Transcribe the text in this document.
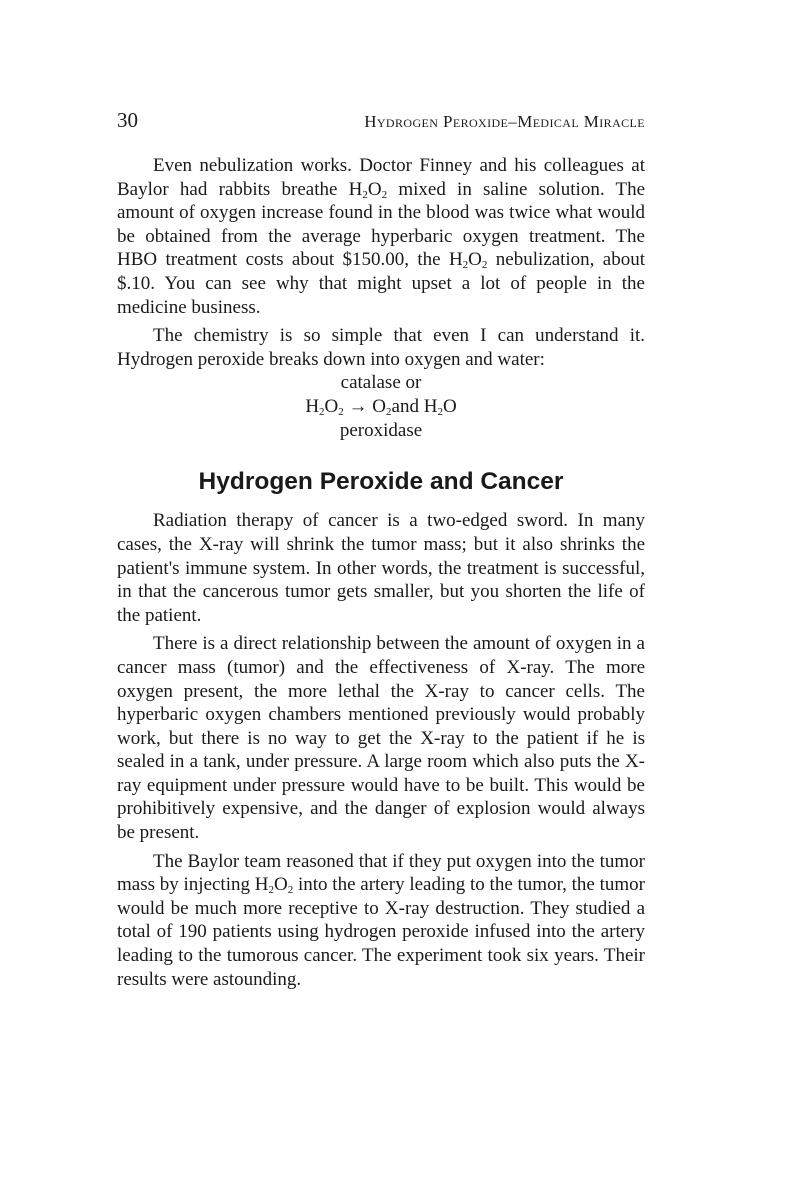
30	Hydrogen Peroxide–Medical Miracle

Even nebulization works. Doctor Finney and his colleagues at Baylor had rabbits breathe $H_2O_2$ mixed in saline solution. The amount of oxygen increase found in the blood was twice what would be obtained from the average hyperbaric oxygen treatment. The HBO treatment costs about $150.00, the $H_2O_2$ nebulization, about $.10. You can see why that might upset a lot of people in the medicine business.

The chemistry is so simple that even I can understand it. Hydrogen peroxide breaks down into oxygen and water:

catalase or
$H_2O_2 \to O_2and$ $H_2O$
peroxidase
Hydrogen Peroxide and Cancer

Radiation therapy of cancer is a two-edged sword. In many cases, the X-ray will shrink the tumor mass; but it also shrinks the patient's immune system. In other words, the treatment is successful, in that the cancerous tumor gets smaller, but you shorten the life of the patient.

There is a direct relationship between the amount of oxygen in a cancer mass (tumor) and the effectiveness of X-ray. The more oxygen present, the more lethal the X-ray to cancer cells. The hyperbaric oxygen chambers mentioned previously would probably work, but there is no way to get the X-ray to the patient if he is sealed in a tank, under pressure. A large room which also puts the X-ray equipment under pressure would have to be built. This would be prohibitively expensive, and the danger of explosion would always be present.

The Baylor team reasoned that if they put oxygen into the tumor mass by injecting $H_2O_2$ into the artery leading to the tumor, the tumor would be much more receptive to X-ray destruction. They studied a total of 190 patients using hydrogen peroxide infused into the artery leading to the tumorous cancer. The experiment took six years. Their results were astounding.
